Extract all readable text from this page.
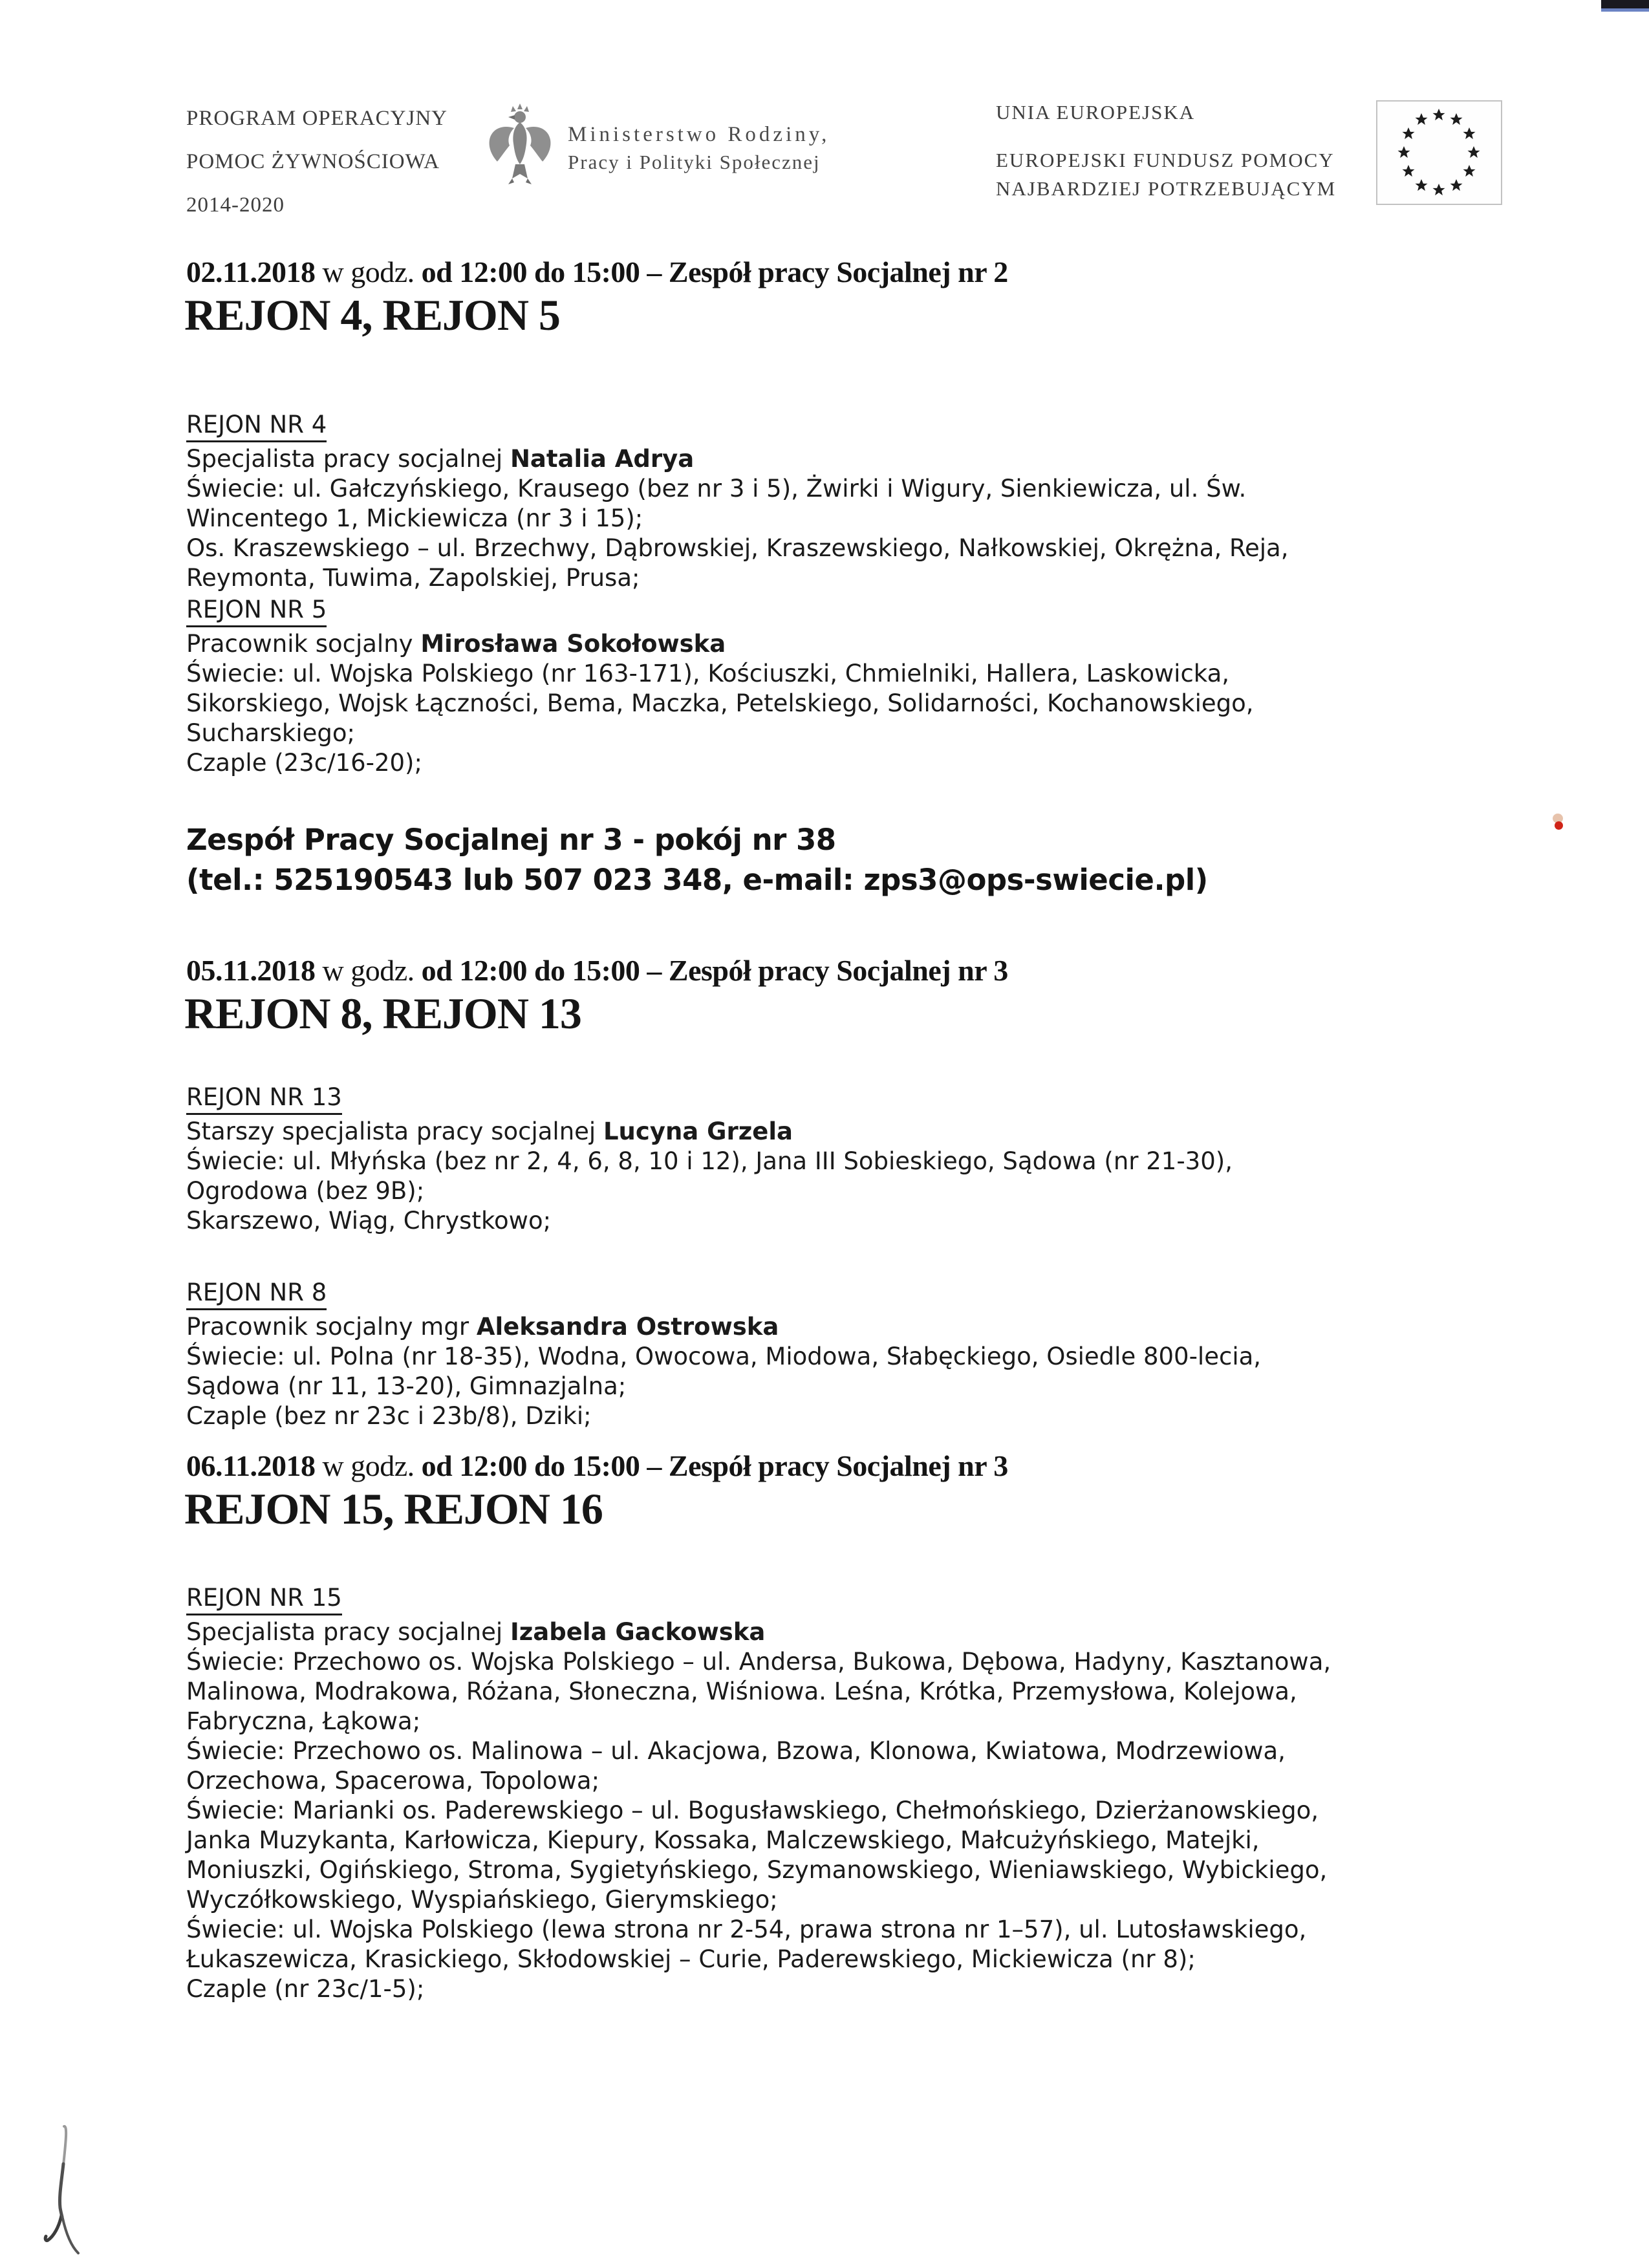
PROGRAM OPERACYJNY
POMOC ŻYWNOŚCIOWA
2014-2020
Ministerstwo Rodziny,
Pracy i Polityki Społecznej
UNIA EUROPEJSKA
EUROPEJSKI FUNDUSZ POMOCY
NAJBARDZIEJ POTRZEBUJĄCYM
02.11.2018 w godz. od 12:00 do 15:00 – Zespół pracy Socjalnej nr 2
REJON 4, REJON 5
REJON NR 4
Specjalista pracy socjalnej Natalia Adrya
Świecie: ul. Gałczyńskiego, Krausego (bez nr 3 i 5), Żwirki i Wigury, Sienkiewicza, ul. Św.
Wincentego 1, Mickiewicza (nr 3 i 15);
Os. Kraszewskiego – ul. Brzechwy, Dąbrowskiej, Kraszewskiego, Nałkowskiej, Okrężna, Reja,
Reymonta, Tuwima, Zapolskiej, Prusa;
REJON NR 5
Pracownik socjalny Mirosława Sokołowska
Świecie: ul. Wojska Polskiego (nr 163-171), Kościuszki, Chmielniki, Hallera, Laskowicka,
Sikorskiego, Wojsk Łączności, Bema, Maczka, Petelskiego, Solidarności, Kochanowskiego,
Sucharskiego;
Czaple (23c/16-20);
Zespół Pracy Socjalnej nr 3 - pokój nr 38
(tel.: 525190543 lub 507 023 348, e-mail: zps3@ops-swiecie.pl)
05.11.2018 w godz. od 12:00 do 15:00 – Zespół pracy Socjalnej nr 3
REJON 8, REJON 13
REJON NR 13
Starszy specjalista pracy socjalnej Lucyna Grzela
Świecie: ul. Młyńska (bez nr 2, 4, 6, 8, 10 i 12), Jana III Sobieskiego, Sądowa (nr 21-30),
Ogrodowa (bez 9B);
Skarszewo, Wiąg, Chrystkowo;
REJON NR 8
Pracownik socjalny mgr Aleksandra Ostrowska
Świecie: ul. Polna (nr 18-35), Wodna, Owocowa, Miodowa, Słabęckiego, Osiedle 800-lecia,
Sądowa (nr 11, 13-20), Gimnazjalna;
Czaple (bez nr 23c i 23b/8), Dziki;
06.11.2018 w godz. od 12:00 do 15:00 – Zespół pracy Socjalnej nr 3
REJON 15, REJON 16
REJON NR 15
Specjalista pracy socjalnej Izabela Gackowska
Świecie: Przechowo os. Wojska Polskiego – ul. Andersa, Bukowa, Dębowa, Hadyny, Kasztanowa,
Malinowa, Modrakowa, Różana, Słoneczna, Wiśniowa. Leśna, Krótka, Przemysłowa, Kolejowa,
Fabryczna, Łąkowa;
Świecie: Przechowo os. Malinowa – ul. Akacjowa, Bzowa, Klonowa, Kwiatowa, Modrzewiowa,
Orzechowa, Spacerowa, Topolowa;
Świecie: Marianki os. Paderewskiego – ul. Bogusławskiego, Chełmońskiego, Dzierżanowskiego,
Janka Muzykanta, Karłowicza, Kiepury, Kossaka, Malczewskiego, Małcużyńskiego, Matejki,
Moniuszki, Ogińskiego, Stroma, Sygietyńskiego, Szymanowskiego, Wieniawskiego, Wybickiego,
Wyczółkowskiego, Wyspiańskiego, Gierymskiego;
Świecie: ul. Wojska Polskiego (lewa strona nr 2-54, prawa strona nr 1–57), ul. Lutosławskiego,
Łukaszewicza, Krasickiego, Skłodowskiej – Curie, Paderewskiego, Mickiewicza (nr 8);
Czaple (nr 23c/1-5);
